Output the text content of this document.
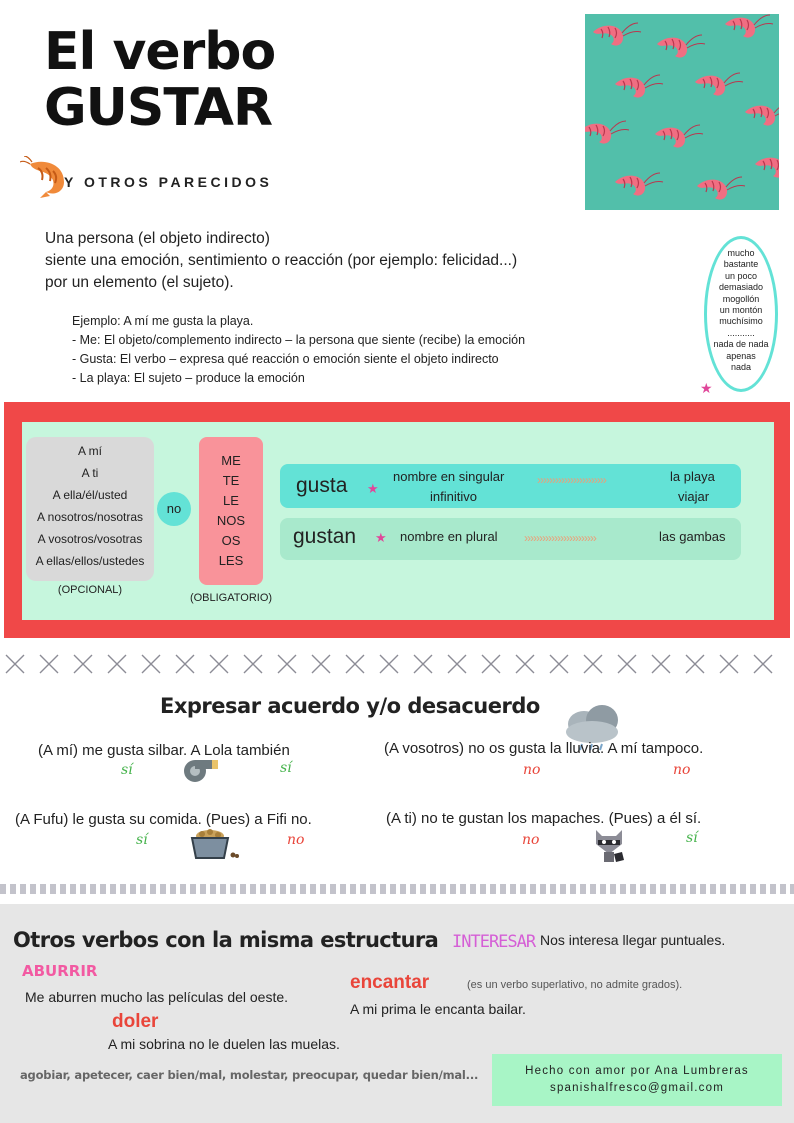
El verbo
GUSTAR
Y OTROS PARECIDOS
Una persona (el objeto indirecto)
siente una emoción, sentimiento o reacción (por ejemplo: felicidad...)
por un elemento (el sujeto).
Ejemplo: A mí me gusta la playa.
- Me: El objeto/complemento indirecto – la persona que siente (recibe) la emoción
- Gusta: El verbo – expresa qué reacción o emoción siente el objeto indirecto
- La playa: El sujeto – produce la emoción
mucho
bastante
un poco
demasiado
mogollón
un montón
muchísimo
...........
nada de nada
apenas
nada
★
A mí
A ti
A ella/él/usted
A nosotros/nosotras
A vosotros/vosotras
A ellas/ellos/ustedes
(OPCIONAL)
no
ME
TE
LE
NOS
OS
LES
(OBLIGATORIO)
gusta ★
nombre en singular
infinitivo
›››››››››››››››››››››››	la playa
viajar
gustan ★ nombre en plural ››››››››››››››››››››››››	las gambas
Expresar acuerdo y/o desacuerdo
(A mí) me gusta silbar. A Lola también
sí	sí
(A vosotros) no os gusta la lluvia. A mí tampoco.
no	no
(A Fufu) le gusta su comida. (Pues) a Fifi no.
sí	no
(A ti) no te gustan los mapaches. (Pues) a él sí.
no	sí
Otros verbos con la misma estructura INTERESAR Nos interesa llegar puntuales.
ABURRIR
Me aburren mucho las películas del oeste.
encantar	(es un verbo superlativo, no admite grados).
A mi prima le encanta bailar.
doler
A mi sobrina no le duelen las muelas.
agobiar, apetecer, caer bien/mal, molestar, preocupar, quedar bien/mal...	Hecho con amor por Ana Lumbreras
spanishalfresco@gmail.com
